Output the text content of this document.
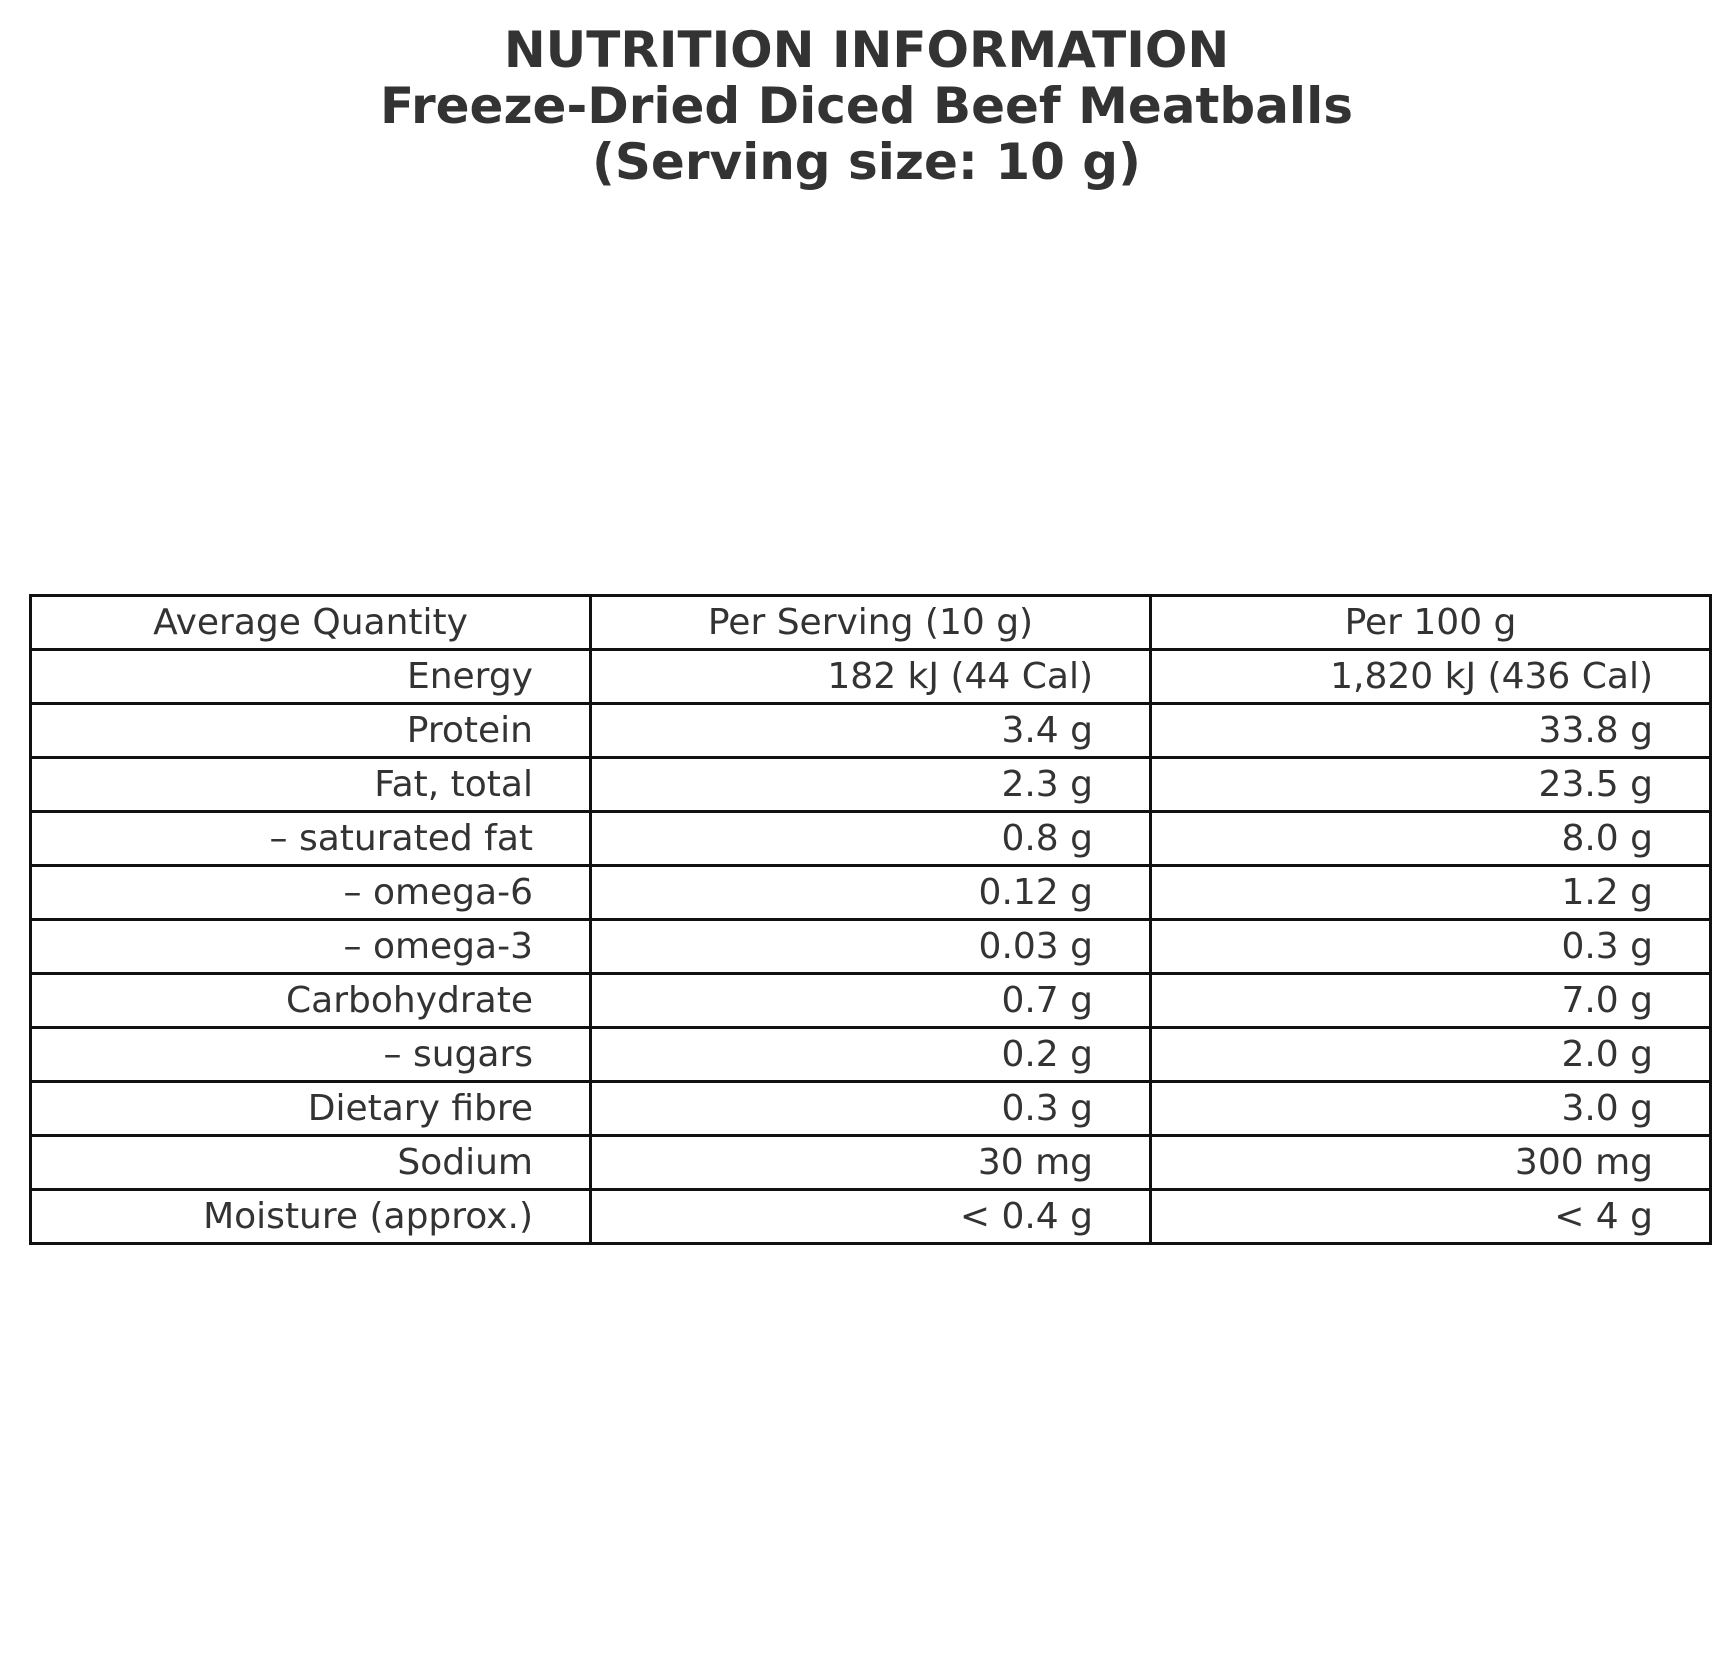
NUTRITION INFORMATION
Freeze-Dried Diced Beef Meatballs
(Serving size: 10 g)
Average Quantity	Per Serving (10 g)	Per 100 g
Energy	182 kJ (44 Cal)	1,820 kJ (436 Cal)
Protein	3.4 g	33.8 g
Fat, total	2.3 g	23.5 g
– saturated fat	0.8 g	8.0 g
– omega-6	0.12 g	1.2 g
– omega-3	0.03 g	0.3 g
Carbohydrate	0.7 g	7.0 g
– sugars	0.2 g	2.0 g
Dietary fibre	0.3 g	3.0 g
Sodium	30 mg	300 mg
Moisture (approx.)	< 0.4 g	< 4 g
